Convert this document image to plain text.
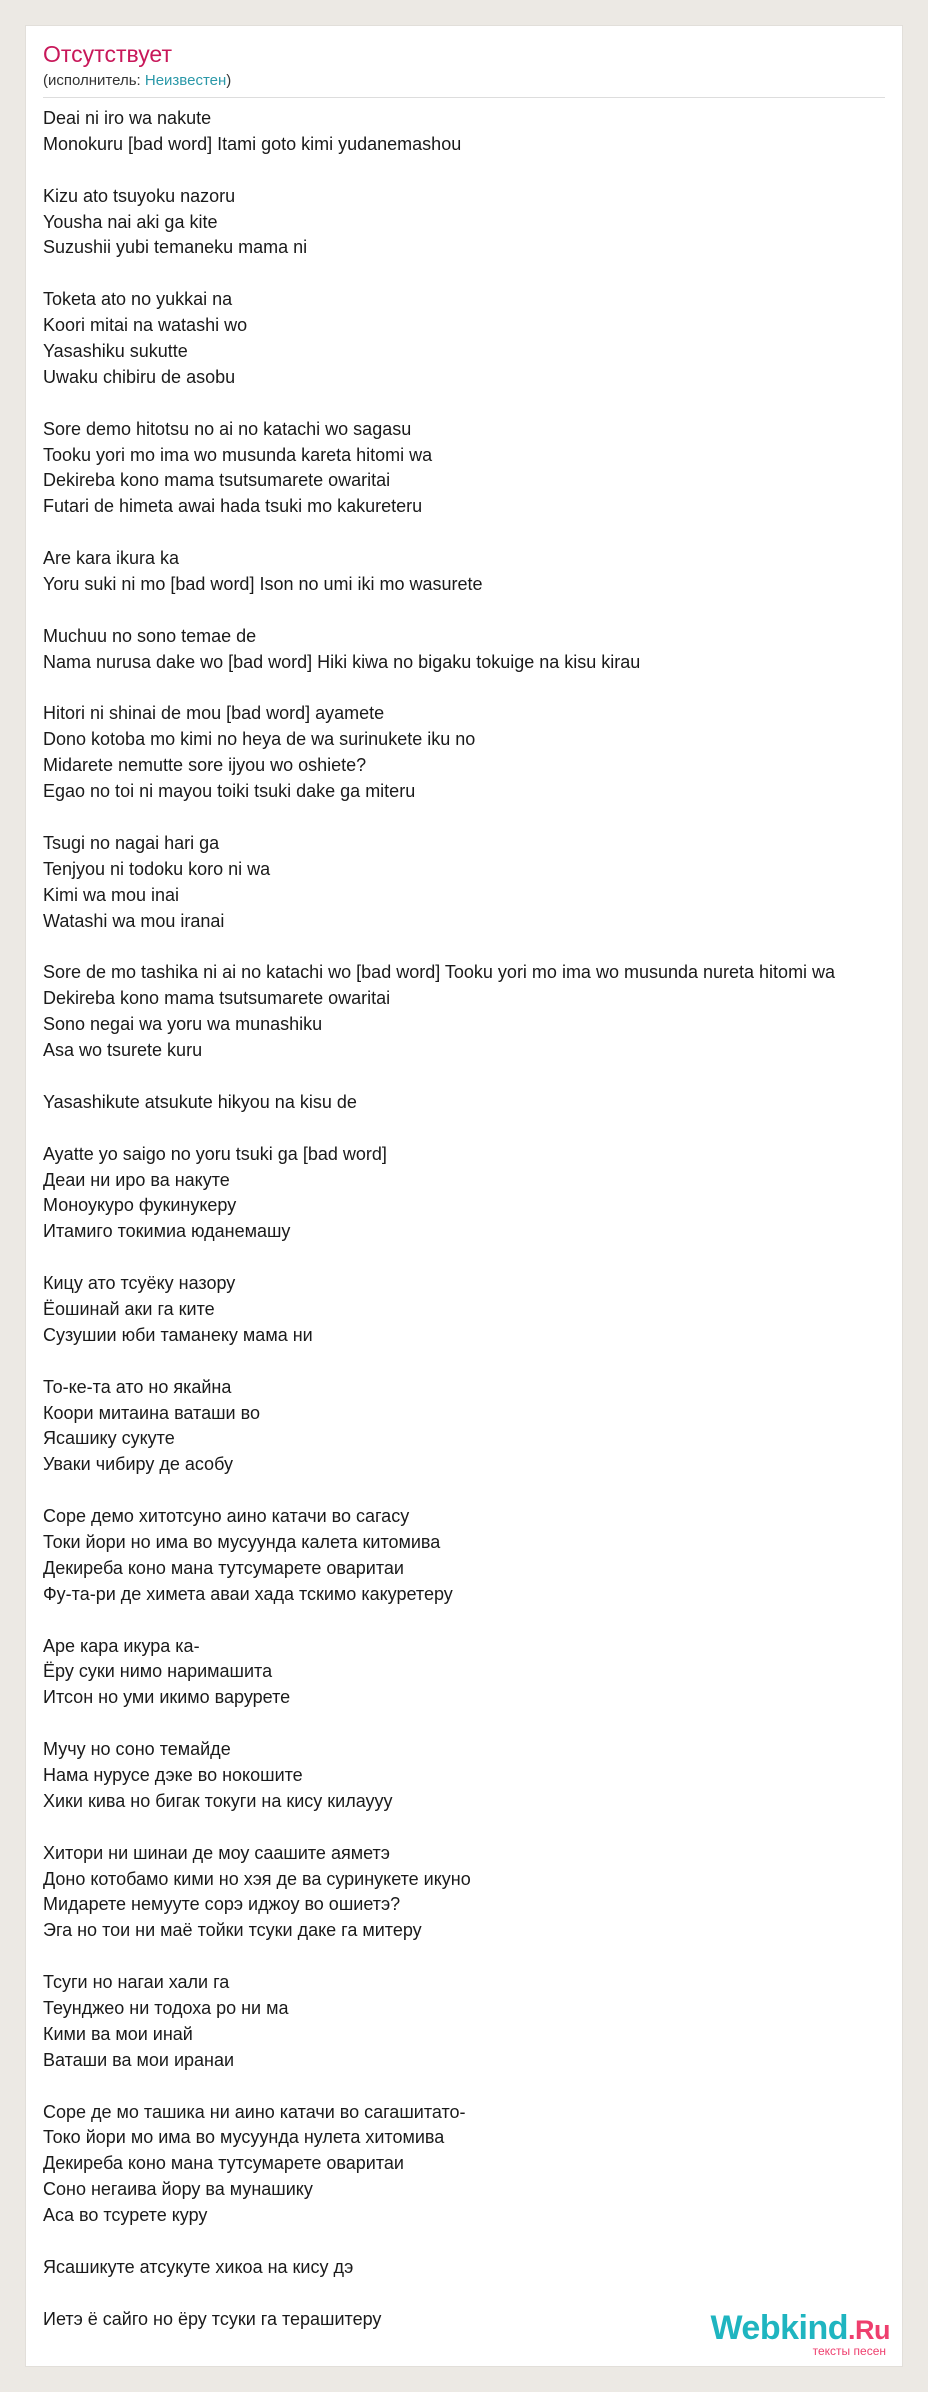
Отсутствует
(исполнитель: Неизвестен)
Deai ni iro wa nakute
Monokuru [bad word] Itami goto kimi yudanemashou
Kizu ato tsuyoku nazoru
Yousha nai aki ga kite
Suzushii yubi temaneku mama ni
Toketa ato no yukkai na
Koori mitai na watashi wo
Yasashiku sukutte
Uwaku chibiru de asobu
Sore demo hitotsu no ai no katachi wo sagasu
Tooku yori mo ima wo musunda kareta hitomi wa
Dekireba kono mama tsutsumarete owaritai
Futari de himeta awai hada tsuki mo kakureteru
Are kara ikura ka
Yoru suki ni mo [bad word] Ison no umi iki mo wasurete
Muchuu no sono temae de
Nama nurusa dake wo [bad word] Hiki kiwa no bigaku tokuige na kisu kirau
Hitori ni shinai de mou [bad word] ayamete
Dono kotoba mo kimi no heya de wa surinukete iku no
Midarete nemutte sore ijyou wo oshiete?
Egao no toi ni mayou toiki tsuki dake ga miteru
Tsugi no nagai hari ga
Tenjyou ni todoku koro ni wa
Kimi wa mou inai
Watashi wa mou iranai
Sore de mo tashika ni ai no katachi wo [bad word] Tooku yori mo ima wo musunda nureta hitomi wa
Dekireba kono mama tsutsumarete owaritai
Sono negai wa yoru wa munashiku
Asa wo tsurete kuru
Yasashikute atsukute hikyou na kisu de
Ayatte yo saigo no yoru tsuki ga [bad word]
Деаи ни иро ва накуте
Моноукуро фукинукеру
Итамиго токимиа юданемашу
Кицу ато тсуёку назору
Ёошинай аки га ките
Сузушии юби таманеку мама ни
То-ке-та ато но якайна
Коори митаина ваташи во
Ясашику сукуте
Уваки чибиру де асобу
Соре демо хитотсуно аино катачи во сагасу
Токи йори но има во мусуунда калета китомива
Декиреба коно мана тутсумарете оваритаи
Фу-та-ри де химета аваи хада тскимо какуретеру
Аре кара икура ка-
Ёру суки нимо наримашита
Итсон но уми икимо варурете
Мучу но соно темайде
Нама нурусе дэке во нокошите
Хики кива но бигак токуги на кису килаууу
Хитори ни шинаи де моу саашите аяметэ
Доно котобамо кими но хэя де ва суринукете икуно
Мидарете немууте сорэ иджоу во ошиетэ?
Эга но тои ни маё тойки тсуки даке га митеру
Тсуги но нагаи хали га
Теунджео ни тодоха ро ни ма
Кими ва мои инай
Ваташи ва мои иранаи
Соре де мо ташика ни аино катачи во сагашитато-
Токо йори мо има во мусуунда нулета хитомива
Декиреба коно мана тутсумарете оваритаи
Соно негаива йору ва мунашику
Аса во тсурете куру
Ясашикуте атсукуте хикоа на кису дэ
Иетэ ё сайго но ёру тсуки га терашитеру	Webkind.Ru
тексты песен
